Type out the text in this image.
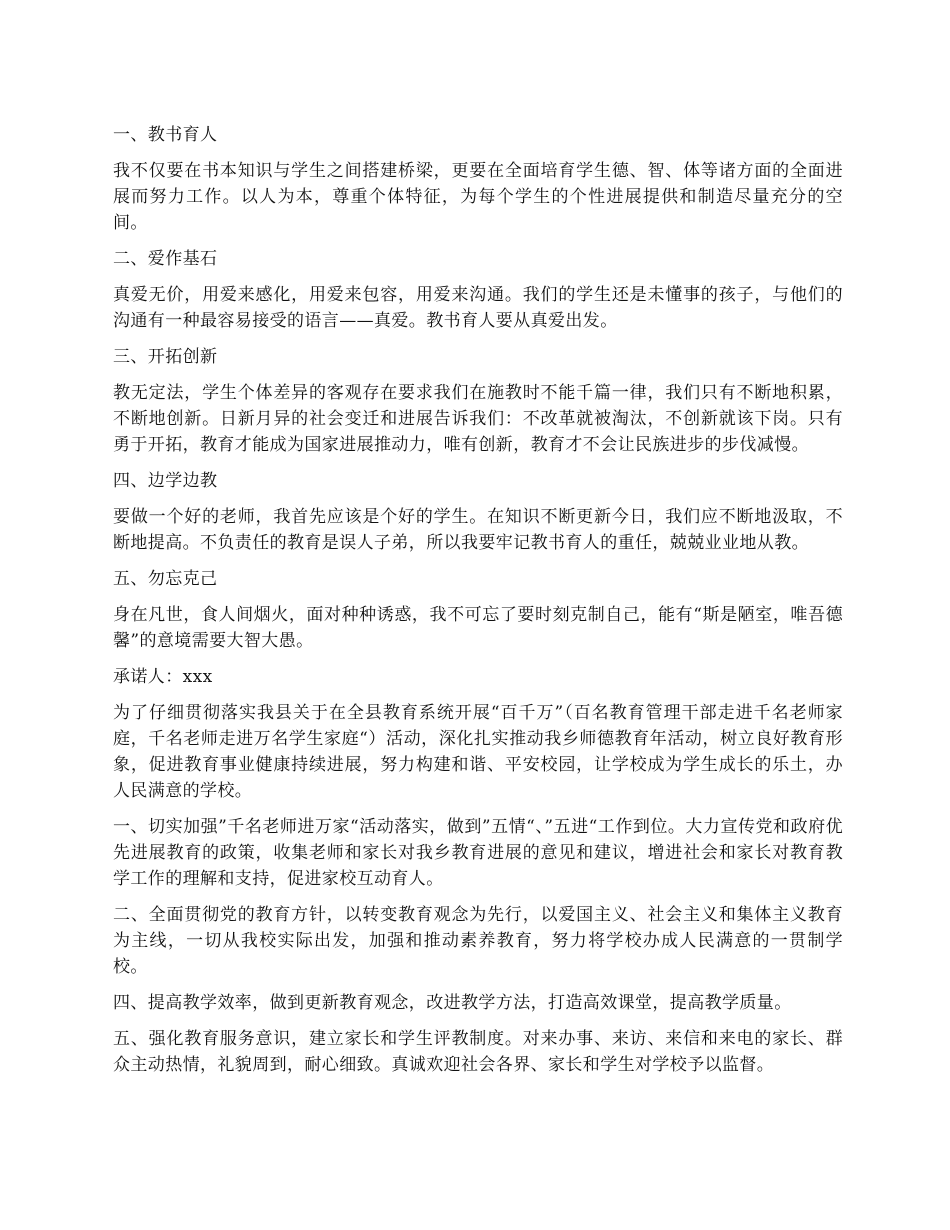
一、教书育人

我不仅要在书本知识与学生之间搭建桥梁，更要在全面培育学生德、智、体等诸方面的全面进展而努力工作。以人为本，尊重个体特征，为每个学生的个性进展提供和制造尽量充分的空间。

二、爱作基石

真爱无价，用爱来感化，用爱来包容，用爱来沟通。我们的学生还是未懂事的孩子，与他们的沟通有一种最容易接受的语言——真爱。教书育人要从真爱出发。

三、开拓创新

教无定法，学生个体差异的客观存在要求我们在施教时不能千篇一律，我们只有不断地积累，不断地创新。日新月异的社会变迁和进展告诉我们：不改革就被淘汰，不创新就该下岗。只有勇于开拓，教育才能成为国家进展推动力，唯有创新，教育才不会让民族进步的步伐减慢。

四、边学边教

要做一个好的老师，我首先应该是个好的学生。在知识不断更新今日，我们应不断地汲取，不断地提高。不负责任的教育是误人子弟，所以我要牢记教书育人的重任，兢兢业业地从教。

五、勿忘克己

身在凡世，食人间烟火，面对种种诱惑，我不可忘了要时刻克制自己，能有“斯是陋室，唯吾德馨”的意境需要大智大愚。

承诺人：xxx

为了仔细贯彻落实我县关于在全县教育系统开展“百千万”（百名教育管理干部走进千名老师家庭，千名老师走进万名学生家庭“）活动，深化扎实推动我乡师德教育年活动，树立良好教育形象，促进教育事业健康持续进展，努力构建和谐、平安校园，让学校成为学生成长的乐土，办人民满意的学校。

一、切实加强”千名老师进万家“活动落实，做到”五情“、”五进“工作到位。大力宣传党和政府优先进展教育的政策，收集老师和家长对我乡教育进展的意见和建议，增进社会和家长对教育教学工作的理解和支持，促进家校互动育人。

二、全面贯彻党的教育方针，以转变教育观念为先行，以爱国主义、社会主义和集体主义教育为主线，一切从我校实际出发，加强和推动素养教育，努力将学校办成人民满意的一贯制学校。

四、提高教学效率，做到更新教育观念，改进教学方法，打造高效课堂，提高教学质量。

五、强化教育服务意识，建立家长和学生评教制度。对来办事、来访、来信和来电的家长、群众主动热情，礼貌周到，耐心细致。真诚欢迎社会各界、家长和学生对学校予以监督。
